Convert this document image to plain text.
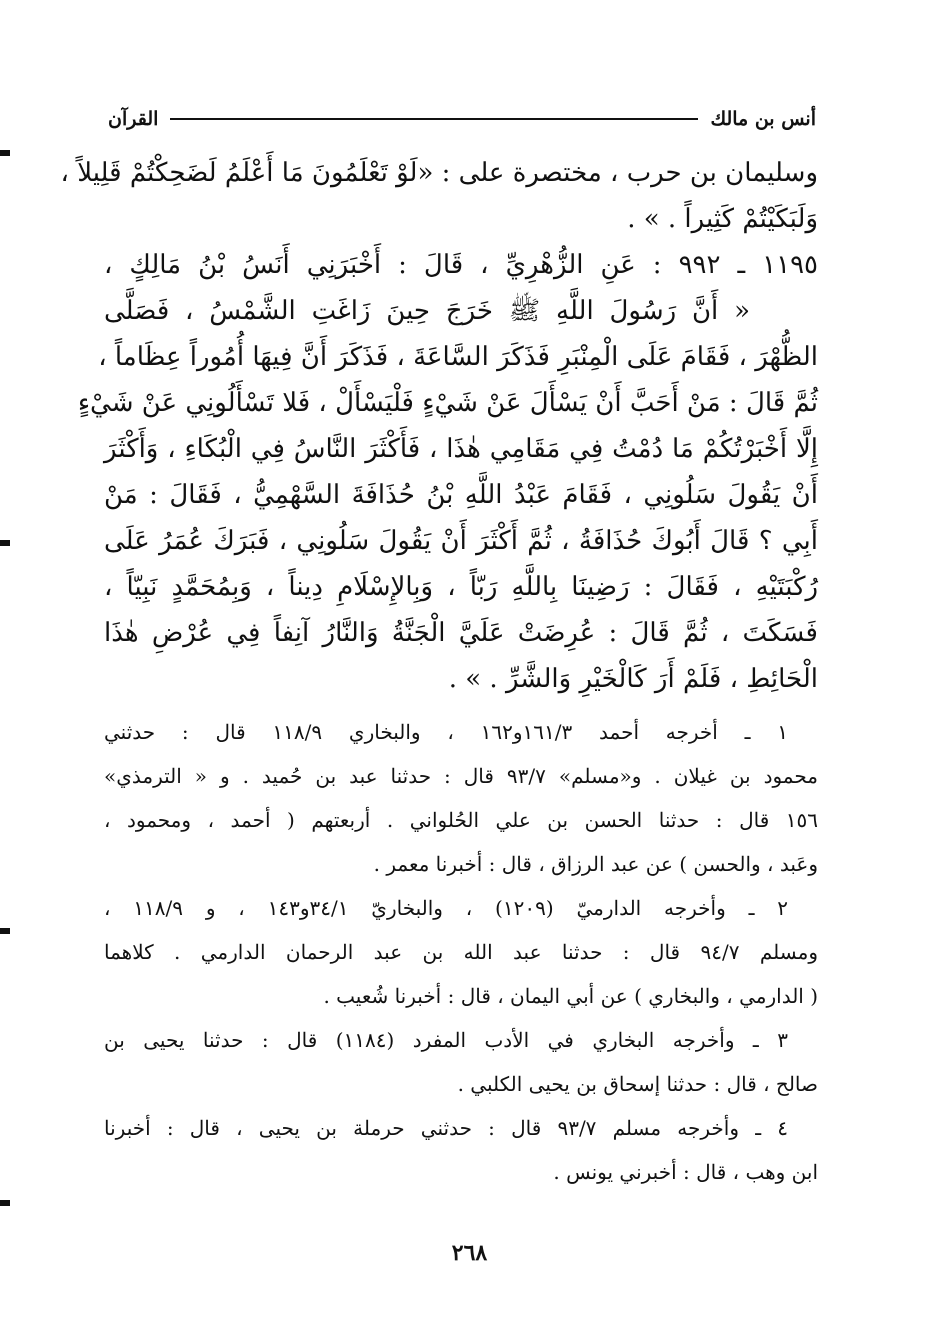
القرآن	أنس بن مالك
وسليمان بن حرب ، مختصرة على : «لَوْ تَعْلَمُونَ مَا أَعْلَمُ لَضَحِكْتُمْ قَلِيلاً ،
وَلَبَكَيْتُمْ كَثِيراً . » .
١١٩٥ ـ ٩٩٢ : عَنِ الزُّهْرِيِّ ، قَالَ : أَخْبَرَنِي أَنَسُ بْنُ مَالِكٍ ،
« أَنَّ رَسُولَ اللَّهِ ﷺ خَرَجَ حِينَ زَاغَتِ الشَّمْسُ ، فَصَلَّى
الظُّهْرَ ، فَقَامَ عَلَى الْمِنْبَرِ فَذَكَرَ السَّاعَةَ ، فَذَكَرَ أَنَّ فِيهَا أُمُوراً عِظَاماً ،
ثُمَّ قَالَ : مَنْ أَحَبَّ أَنْ يَسْأَلَ عَنْ شَيْءٍ فَلْيَسْأَلْ ، فَلا تَسْأَلُونِي عَنْ شَيْءٍ
إِلَّا أَخْبَرْتُكُمْ مَا دُمْتُ فِي مَقَامِي هٰذَا ، فَأَكْثَرَ النَّاسُ فِي الْبُكَاءِ ، وَأَكْثَرَ
أَنْ يَقُولَ سَلُونِي ، فَقَامَ عَبْدُ اللَّهِ بْنُ حُذَافَةَ السَّهْمِيُّ ، فَقَالَ : مَنْ
أَبِي ؟ قَالَ أَبُوكَ حُذَافَةُ ، ثُمَّ أَكْثَرَ أَنْ يَقُولَ سَلُونِي ، فَبَرَكَ عُمَرُ عَلَى
رُكْبَتَيْهِ ، فَقَالَ : رَضِينَا بِاللَّهِ رَبّاً ، وَبِالإِسْلَامِ دِيناً ، وَبِمُحَمَّدٍ نَبِيّاً ،
فَسَكَتَ ، ثُمَّ قَالَ : عُرِضَتْ عَلَيَّ الْجَنَّةُ وَالنَّارُ آنِفاً فِي عُرْضِ هٰذَا
الْحَائِطِ ، فَلَمْ أَرَ كَالْخَيْرِ وَالشَّرِّ . » .
١ ـ أخرجه أحمد ١٦١/٣و١٦٢ ، والبخاري ١١٨/٩ قال : حدثني
محمود بن غيلان . و«مسلم» ٩٣/٧ قال : حدثنا عبد بن حُميد . و « الترمذي»
١٥٦ قال : حدثنا الحسن بن علي الحُلواني . أربعتهم ( أحمد ، ومحمود ،
وعَبد ، والحسن ) عن عبد الرزاق ، قال : أخبرنا معمر .
٢ ـ وأخرجه الدارميّ (١٢٠٩) ، والبخاريّ ٣٤/١و١٤٣ ، و ١١٨/٩ ،
ومسلم ٩٤/٧ قال : حدثنا عبد الله بن عبد الرحمان الدارمي . كلاهما
( الدارمي ، والبخاري ) عن أبي اليمان ، قال : أخبرنا شُعيب .
٣ ـ وأخرجه البخاري في الأدب المفرد (١١٨٤) قال : حدثنا يحيى بن
صالح ، قال : حدثنا إسحاق بن يحيى الكلبي .
٤ ـ وأخرجه مسلم ٩٣/٧ قال : حدثني حرملة بن يحيى ، قال : أخبرنا
ابن وهب ، قال : أخبرني يونس .
٢٦٨
